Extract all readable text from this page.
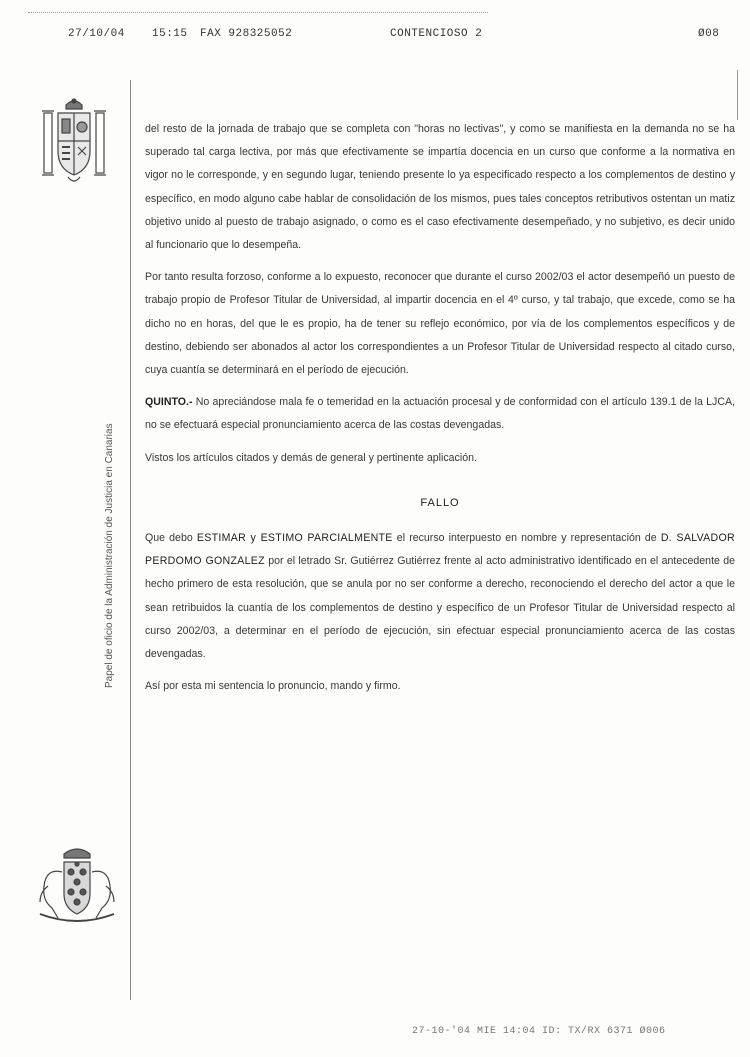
27/10/04 15:15 FAX 928325052	CONTENCIOSO 2	Ø08
Papel de oficio de la Administración de Justicia en Canarias

del resto de la jornada de trabajo que se completa con "horas no lectivas", y como se manifiesta en la demanda no se ha superado tal carga lectiva, por más que efectivamente se impartía docencia en un curso que conforme a la normativa en vigor no le corresponde, y en segundo lugar, teniendo presente lo ya especificado respecto a los complementos de destino y específico, en modo alguno cabe hablar de consolidación de los mismos, pues tales conceptos retributivos ostentan un matiz objetivo unido al puesto de trabajo asignado, o como es el caso efectivamente desempeñado, y no subjetivo, es decir unido al funcionario que lo desempeña.

Por tanto resulta forzoso, conforme a lo expuesto, reconocer que durante el curso 2002/03 el actor desempeñó un puesto de trabajo propio de Profesor Titular de Universidad, al impartir docencia en el 4º curso, y tal trabajo, que excede, como se ha dicho no en horas, del que le es propio, ha de tener su reflejo económico, por vía de los complementos específicos y de destino, debiendo ser abonados al actor los correspondientes a un Profesor Titular de Universidad respecto al citado curso, cuya cuantía se determinará en el período de ejecución.

QUINTO.- No apreciándose mala fe o temeridad en la actuación procesal y de conformidad con el artículo 139.1 de la LJCA, no se efectuará especial pronunciamiento acerca de las costas devengadas.

Vistos los artículos citados y demás de general y pertinente aplicación.

FALLO

Que debo ESTIMAR y ESTIMO PARCIALMENTE el recurso interpuesto en nombre y representación de D. SALVADOR PERDOMO GONZALEZ por el letrado Sr. Gutiérrez Gutiérrez frente al acto administrativo identificado en el antecedente de hecho primero de esta resolución, que se anula por no ser conforme a derecho, reconociendo el derecho del actor a que le sean retribuidos la cuantía de los complementos de destino y específico de un Profesor Titular de Universidad respecto al curso 2002/03, a determinar en el período de ejecución, sin efectuar especial pronunciamiento acerca de las costas devengadas.

Así por esta mi sentencia lo pronuncio, mando y firmo.

27-10-'04 MIE 14:04 ID: TX/RX 6371 Ø006
